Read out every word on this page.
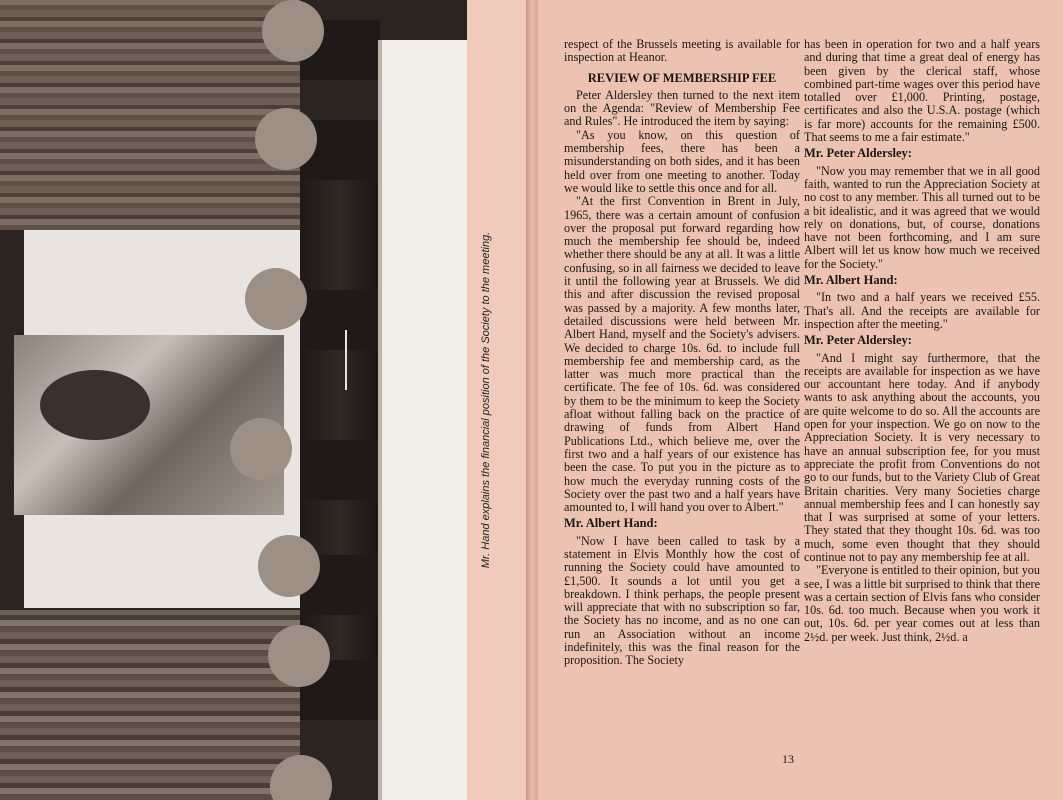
Mr. Hand explains the financial position of the Society to the meeting.

respect of the Brussels meeting is available for inspection at Heanor.

REVIEW OF MEMBERSHIP FEE

Peter Aldersley then turned to the next item on the Agenda: "Review of Membership Fee and Rules". He introduced the item by saying:

"As you know, on this question of membership fees, there has been a misunderstanding on both sides, and it has been held over from one meeting to another. Today we would like to settle this once and for all.

"At the first Convention in Brent in July, 1965, there was a certain amount of confusion over the proposal put forward regarding how much the membership fee should be, indeed whether there should be any at all. It was a little confusing, so in all fairness we decided to leave it until the following year at Brussels. We did this and after discussion the revised proposal was passed by a majority. A few months later, detailed discussions were held between Mr. Albert Hand, myself and the Society's advisers. We decided to charge 10s. 6d. to include full membership fee and membership card, as the latter was much more practical than the certificate. The fee of 10s. 6d. was considered by them to be the minimum to keep the Society afloat without falling back on the practice of drawing of funds from Albert Hand Publications Ltd., which believe me, over the first two and a half years of our existence has been the case. To put you in the picture as to how much the everyday running costs of the Society over the past two and a half years have amounted to, I will hand you over to Albert."

Mr. Albert Hand:

"Now I have been called to task by a statement in Elvis Monthly how the cost of running the Society could have amounted to £1,500. It sounds a lot until you get a breakdown. I think perhaps, the people present will appreciate that with no subscription so far, the Society has no income, and as no one can run an Association without an income indefinitely, this was the final reason for the proposition. The Society

has been in operation for two and a half years and during that time a great deal of energy has been given by the clerical staff, whose combined part-time wages over this period have totalled over £1,000. Printing, postage, certificates and also the U.S.A. postage (which is far more) accounts for the remaining £500. That seems to me a fair estimate."

Mr. Peter Aldersley:

"Now you may remember that we in all good faith, wanted to run the Appreciation Society at no cost to any member. This all turned out to be a bit idealistic, and it was agreed that we would rely on donations, but, of course, donations have not been forthcoming, and I am sure Albert will let us know how much we received for the Society."

Mr. Albert Hand:

"In two and a half years we received £55. That's all. And the receipts are available for inspection after the meeting."

Mr. Peter Aldersley:

"And I might say furthermore, that the receipts are available for inspection as we have our accountant here today. And if anybody wants to ask anything about the accounts, you are quite welcome to do so. All the accounts are open for your inspection. We go on now to the Appreciation Society. It is very necessary to have an annual subscription fee, for you must appreciate the profit from Conventions do not go to our funds, but to the Variety Club of Great Britain charities. Very many Societies charge annual membership fees and I can honestly say that I was surprised at some of your letters. They stated that they thought 10s. 6d. was too much, some even thought that they should continue not to pay any membership fee at all.

"Everyone is entitled to their opinion, but you see, I was a little bit surprised to think that there was a certain section of Elvis fans who consider 10s. 6d. too much. Because when you work it out, 10s. 6d. per year comes out at less than 2½d. per week. Just think, 2½d. a

13
